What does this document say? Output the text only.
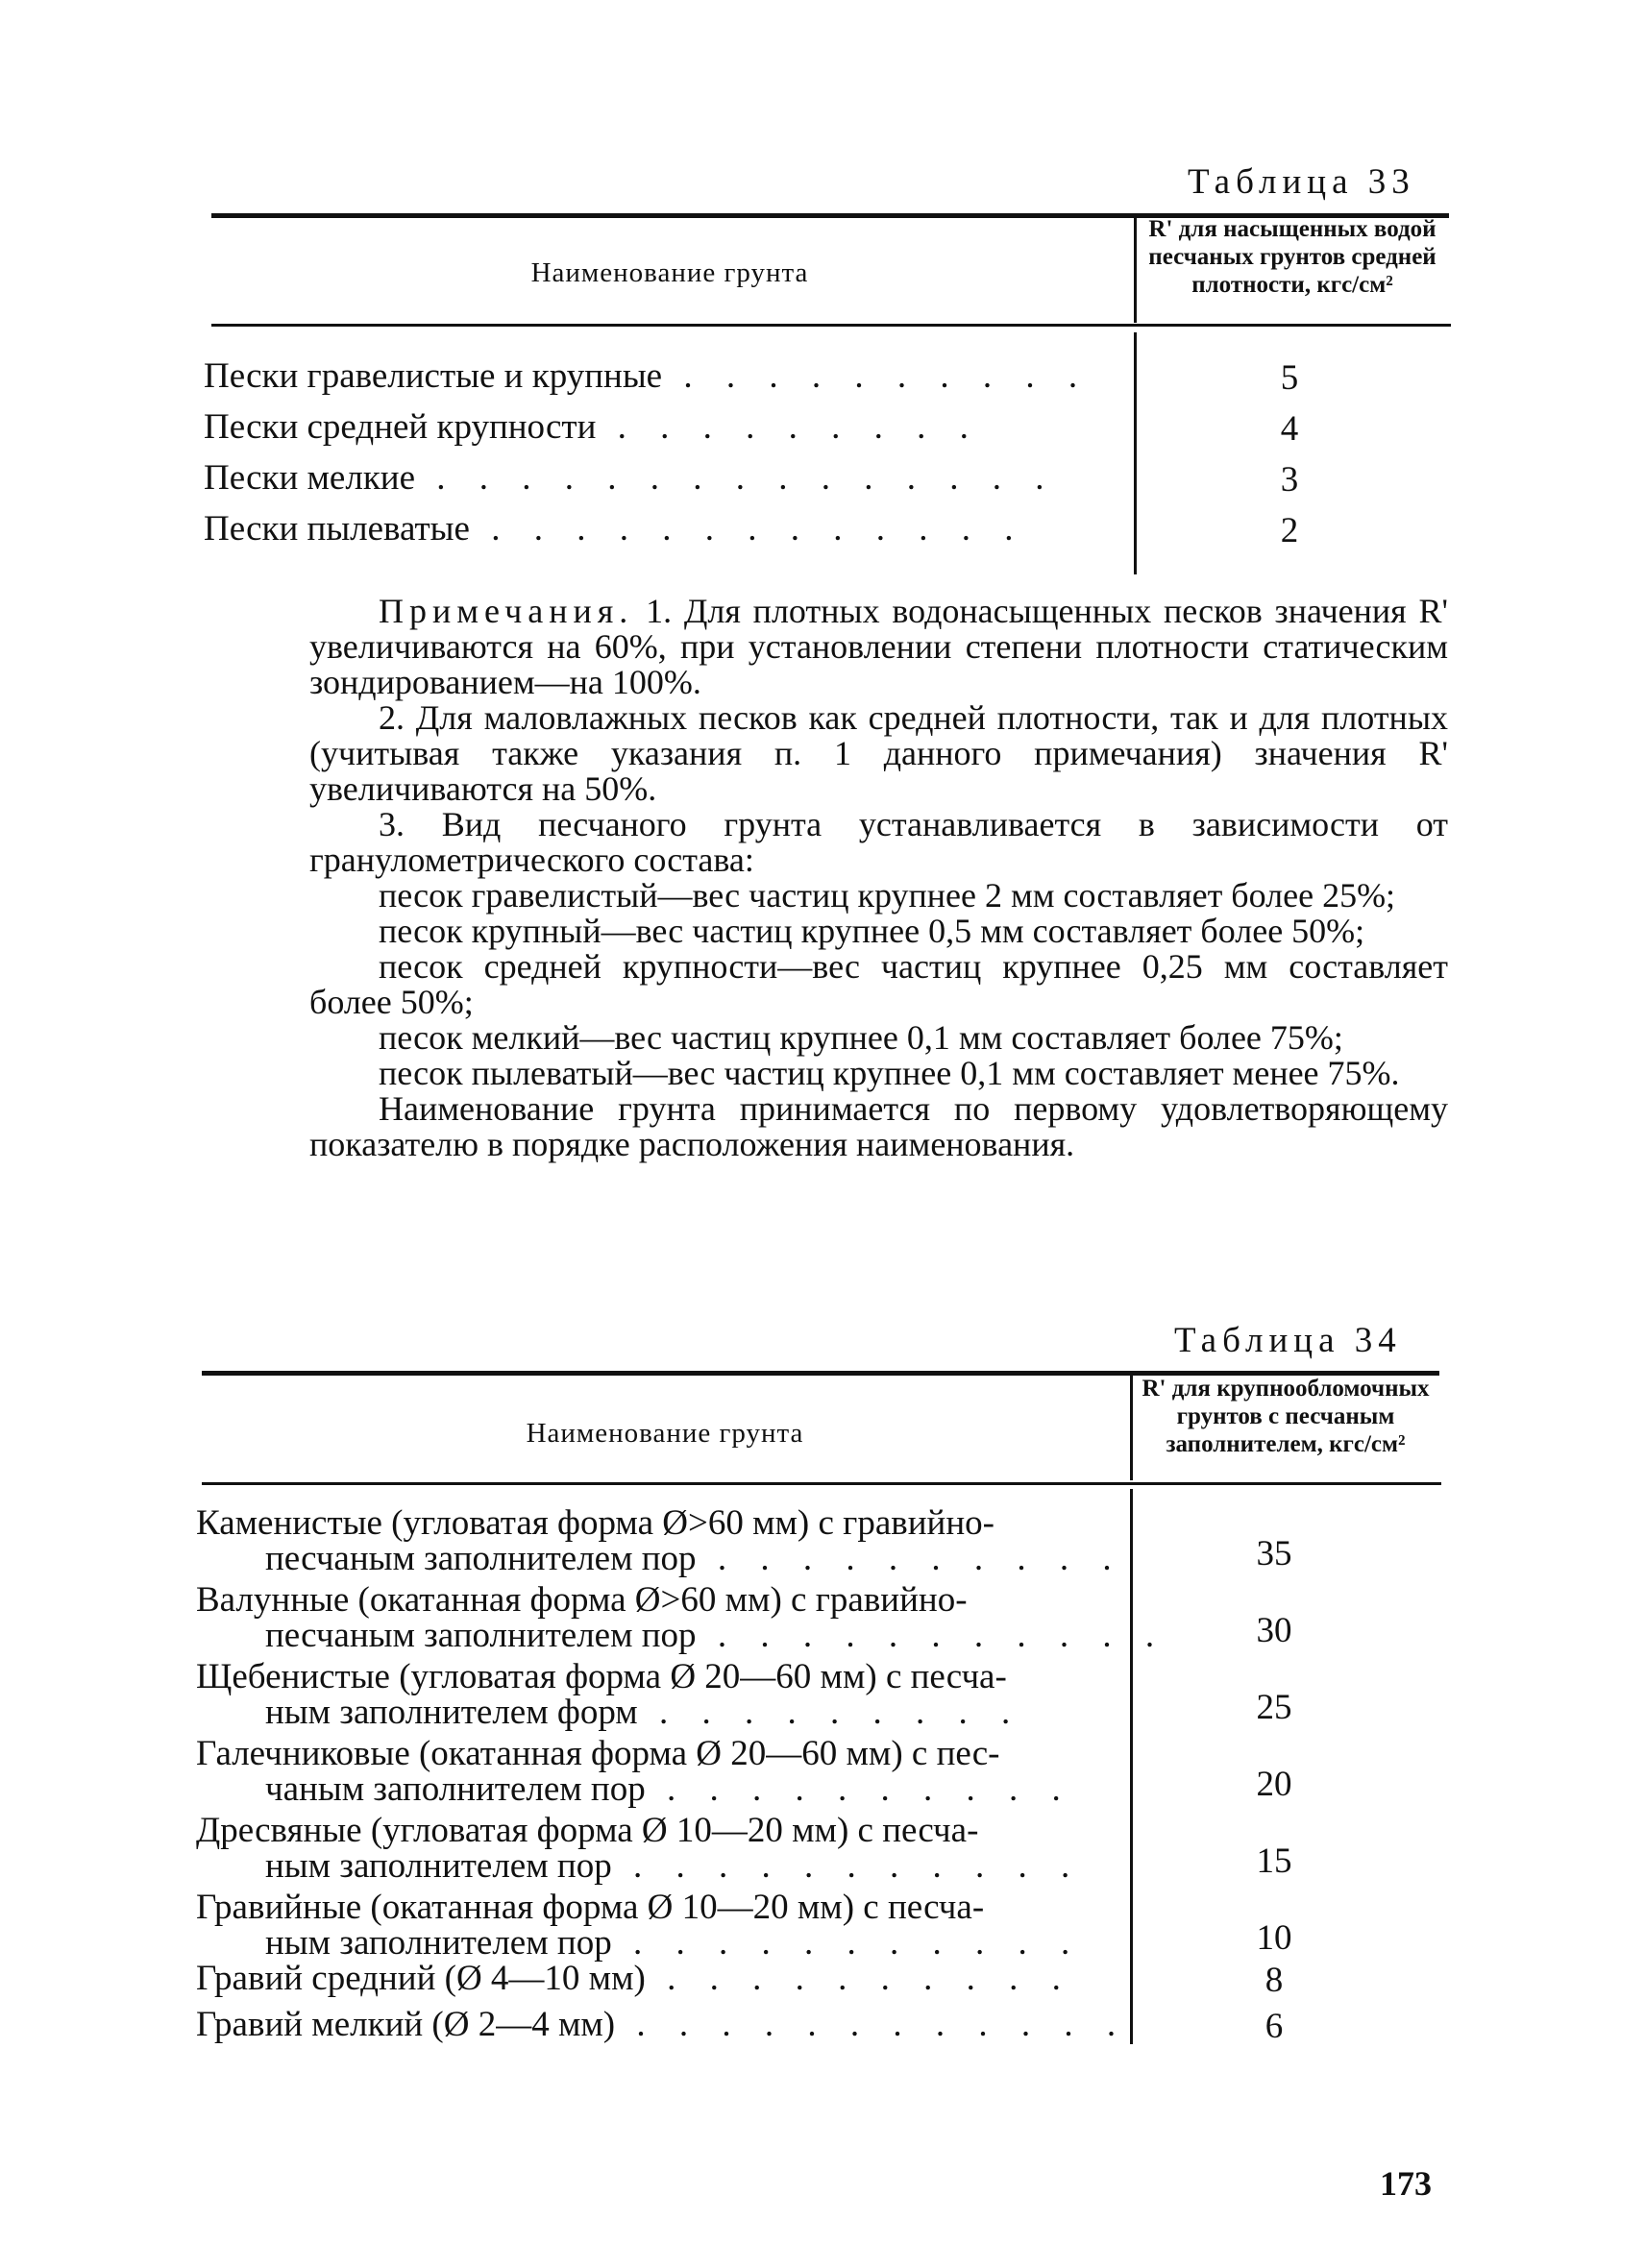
Таблица 33
Наименование грунта
R' для насыщенных водой песчаных грунтов средней плотности, кгс/см²
Пески гравелистые и крупные . . . . . . . . . .	5
Пески средней крупности . . . . . . . . .	4
Пески мелкие . . . . . . . . . . . . . . .	3
Пески пылеватые . . . . . . . . . . . . .	2

Примечания. 1. Для плотных водонасыщенных песков значения R' увеличиваются на 60%, при установлении степени плотности статическим зондированием—на 100%.

2. Для маловлажных песков как средней плотности, так и для плотных (учитывая также указания п. 1 данного примечания) значения R' увеличиваются на 50%.

3. Вид песчаного грунта устанавливается в зависимости от гранулометрического состава:

песок гравелистый—вес частиц крупнее 2 мм составляет более 25%;

песок крупный—вес частиц крупнее 0,5 мм составляет более 50%;

песок средней крупности—вес частиц крупнее 0,25 мм составляет более 50%;

песок мелкий—вес частиц крупнее 0,1 мм составляет более 75%;

песок пылеватый—вес частиц крупнее 0,1 мм составляет менее 75%.

Наименование грунта принимается по первому удовлетворяющему показателю в порядке расположения наименования.

Таблица 34
Наименование грунта
R' для крупнообломочных грунтов с песчаным заполнителем, кгс/см²
Каменистые (угловатая форма Ø>60 мм) с гравийно-
песчаным заполнителем пор . . . . . . . . . .	35
Валунные (окатанная форма Ø>60 мм) с гравийно-
песчаным заполнителем пор . . . . . . . . . . .	30
Щебенистые (угловатая форма Ø 20—60 мм) с песча-
ным заполнителем форм . . . . . . . . .	25
Галечниковые (окатанная форма Ø 20—60 мм) с пес-
чаным заполнителем пор . . . . . . . . . .	20
Дресвяные (угловатая форма Ø 10—20 мм) с песча-
ным заполнителем пор . . . . . . . . . . .	15
Гравийные (окатанная форма Ø 10—20 мм) с песча-
ным заполнителем пор . . . . . . . . . . .	10
Гравий средний (Ø 4—10 мм) . . . . . . . . . .	8
Гравий мелкий (Ø 2—4 мм) . . . . . . . . . . . .	6
173
